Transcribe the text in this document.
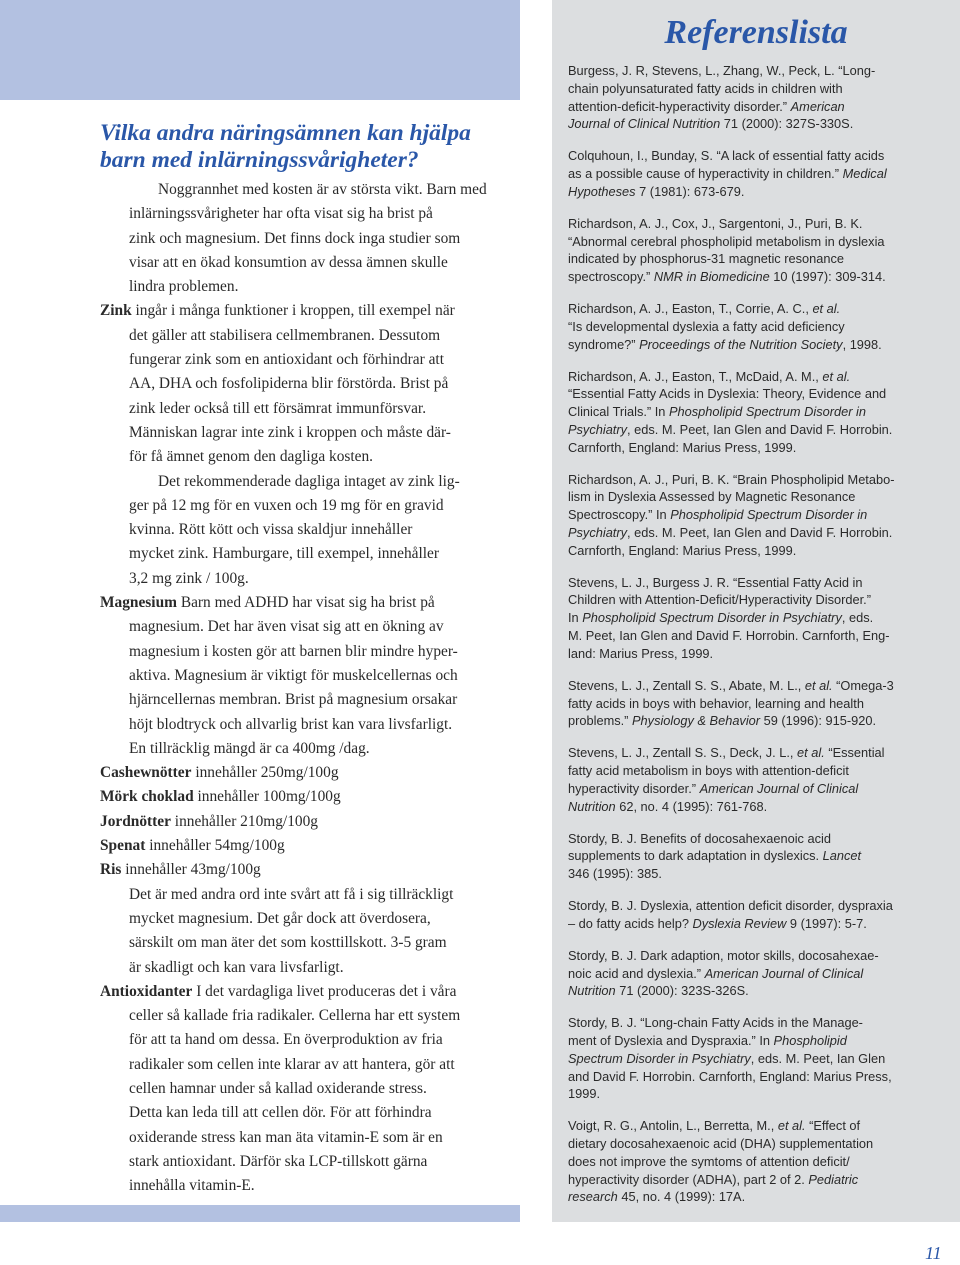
Vilka andra näringsämnen kan hjälpa
barn med inlärningssvårigheter?

Noggrannhet med kosten är av största vikt. Barn med
inlärningssvårigheter har ofta visat sig ha brist på
zink och magnesium. Det finns dock inga studier som
visar att en ökad konsumtion av dessa ämnen skulle
lindra problemen.

Zink ingår i många funktioner i kroppen, till exempel när
det gäller att stabilisera cellmembranen. Dessutom
fungerar zink som en antioxidant och förhindrar att
AA, DHA och fosfolipiderna blir förstörda. Brist på
zink leder också till ett försämrat immunförsvar.
Människan lagrar inte zink i kroppen och måste där-
för få ämnet genom den dagliga kosten.

Det rekommenderade dagliga intaget av zink lig-
ger på 12 mg för en vuxen och 19 mg för en gravid
kvinna. Rött kött och vissa skaldjur innehåller
mycket zink. Hamburgare, till exempel, innehåller
3,2 mg zink / 100g.

Magnesium Barn med ADHD har visat sig ha brist på
magnesium. Det har även visat sig att en ökning av
magnesium i kosten gör att barnen blir mindre hyper-
aktiva. Magnesium är viktigt för muskelcellernas och
hjärncellernas membran. Brist på magnesium orsakar
höjt blodtryck och allvarlig brist kan vara livsfarligt.
En tillräcklig mängd är ca 400mg /dag.

Cashewnötter innehåller 250mg/100g

Mörk choklad innehåller 100mg/100g

Jordnötter innehåller 210mg/100g

Spenat innehåller 54mg/100g

Ris innehåller 43mg/100g

Det är med andra ord inte svårt att få i sig tillräckligt
mycket magnesium. Det går dock att överdosera,
särskilt om man äter det som kosttillskott. 3-5 gram
är skadligt och kan vara livsfarligt.

Antioxidanter I det vardagliga livet produceras det i våra
celler så kallade fria radikaler. Cellerna har ett system
för att ta hand om dessa. En överproduktion av fria
radikaler som cellen inte klarar av att hantera, gör att
cellen hamnar under så kallad oxiderande stress.
Detta kan leda till att cellen dör. För att förhindra
oxiderande stress kan man äta vitamin-E som är en
stark antioxidant. Därför ska LCP-tillskott gärna
innehålla vitamin-E.

Referenslista

Burgess, J. R, Stevens, L., Zhang, W., Peck, L. “Long-
chain polyunsaturated fatty acids in children with
attention-deficit-hyperactivity disorder.” American
Journal of Clinical Nutrition 71 (2000): 327S-330S.

Colquhoun, I., Bunday, S. “A lack of essential fatty acids
as a possible cause of hyperactivity in children.” Medical
Hypotheses 7 (1981): 673-679.

Richardson, A. J., Cox, J., Sargentoni, J., Puri, B. K.
“Abnormal cerebral phospholipid metabolism in dyslexia
indicated by phosphorus-31 magnetic resonance
spectroscopy.” NMR in Biomedicine 10 (1997): 309-314.

Richardson, A. J., Easton, T., Corrie, A. C., et al.
“Is developmental dyslexia a fatty acid deficiency
syndrome?” Proceedings of the Nutrition Society, 1998.

Richardson, A. J., Easton, T., McDaid, A. M., et al.
“Essential Fatty Acids in Dyslexia: Theory, Evidence and
Clinical Trials.” In Phospholipid Spectrum Disorder in
Psychiatry, eds. M. Peet, Ian Glen and David F. Horrobin.
Carnforth, England: Marius Press, 1999.

Richardson, A. J., Puri, B. K. “Brain Phospholipid Metabo-
lism in Dyslexia Assessed by Magnetic Resonance
Spectroscopy.” In Phospholipid Spectrum Disorder in
Psychiatry, eds. M. Peet, Ian Glen and David F. Horrobin.
Carnforth, England: Marius Press, 1999.

Stevens, L. J., Burgess J. R. “Essential Fatty Acid in
Children with Attention-Deficit/Hyperactivity Disorder.”
In Phospholipid Spectrum Disorder in Psychiatry, eds.
M. Peet, Ian Glen and David F. Horrobin. Carnforth, Eng-
land: Marius Press, 1999.

Stevens, L. J., Zentall S. S., Abate, M. L., et al. “Omega-3
fatty acids in boys with behavior, learning and health
problems.” Physiology & Behavior 59 (1996): 915-920.

Stevens, L. J., Zentall S. S., Deck, J. L., et al. “Essential
fatty acid metabolism in boys with attention-deficit
hyperactivity disorder.” American Journal of Clinical
Nutrition 62, no. 4 (1995): 761-768.

Stordy, B. J. Benefits of docosahexaenoic acid
supplements to dark adaptation in dyslexics. Lancet
346 (1995): 385.

Stordy, B. J. Dyslexia, attention deficit disorder, dyspraxia
– do fatty acids help? Dyslexia Review 9 (1997): 5-7.

Stordy, B. J. Dark adaption, motor skills, docosahexae-
noic acid and dyslexia.” American Journal of Clinical
Nutrition 71 (2000): 323S-326S.

Stordy, B. J. “Long-chain Fatty Acids in the Manage-
ment of Dyslexia and Dyspraxia.” In Phospholipid
Spectrum Disorder in Psychiatry, eds. M. Peet, Ian Glen
and David F. Horrobin. Carnforth, England: Marius Press,
1999.

Voigt, R. G., Antolin, L., Berretta, M., et al. “Effect of
dietary docosahexaenoic acid (DHA) supplementation
does not improve the symtoms of attention deficit/
hyperactivity disorder (ADHA), part 2 of 2. Pediatric
research 45, no. 4 (1999): 17A.

11
